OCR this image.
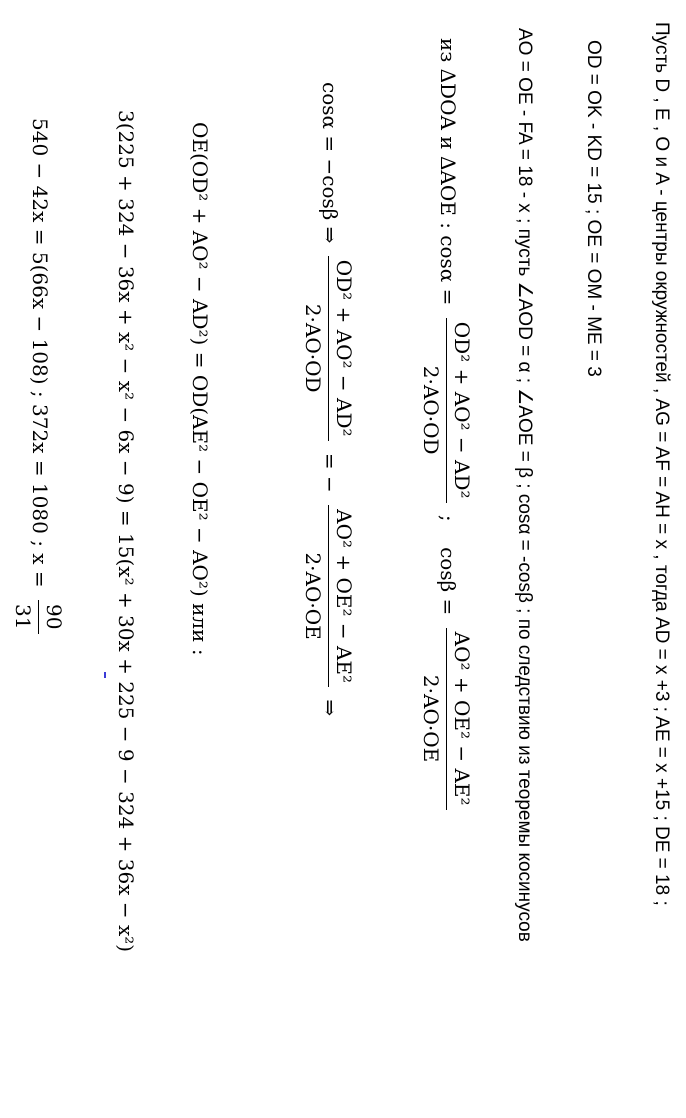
Пусть D , E , O и A - центры окружностей , AG = AF = AH = x , тогда AD = x +3 ; AE = x +15 ; DE = 18 ;
OD = OK - KD = 15 ; OE = OM - ME = 3
AO = OE - FA = 18 - x ; пусть ∠AOD = α ; ∠AOE = β ; cosα = -cosβ ; по следствию из теоремы косинусов
из ΔDOA и ΔAOE : cosα =
OD² + AO² − AD²
2·AO·OD
;    cosβ =
AO² + OE² − AE²
2·AO·OE
cosα = −cosβ ⇒
OD² + AO² − AD²
2·AO·OD
= −
AO² + OE² − AE²
2·AO·OE
⇒
OE(OD² + AO² − AD²) = OD(AE² − OE² − AO²) или :
3(225 + 324 − 36x + x² − x² − 6x − 9) = 15(x² + 30x + 225 − 9 − 324 + 36x − x²)
540 − 42x = 5(66x − 108) ; 372x = 1080 ; x =
90
31
